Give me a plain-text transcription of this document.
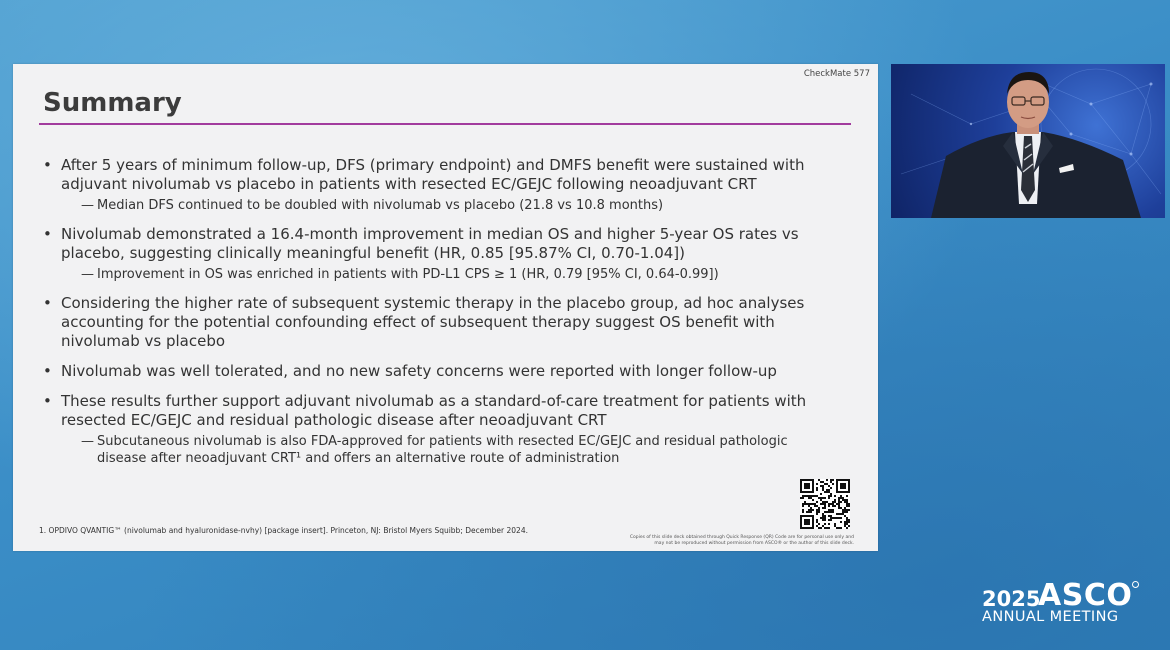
CheckMate 577
Summary
• After 5 years of minimum follow-up, DFS (primary endpoint) and DMFS benefit were sustained with adjuvant nivolumab vs placebo in patients with resected EC/GEJC following neoadjuvant CRT
— Median DFS continued to be doubled with nivolumab vs placebo (21.8 vs 10.8 months)
• Nivolumab demonstrated a 16.4-month improvement in median OS and higher 5-year OS rates vs placebo, suggesting clinically meaningful benefit (HR, 0.85 [95.87% CI, 0.70-1.04])
— Improvement in OS was enriched in patients with PD-L1 CPS ≥ 1 (HR, 0.79 [95% CI, 0.64-0.99])
• Considering the higher rate of subsequent systemic therapy in the placebo group, ad hoc analyses accounting for the potential confounding effect of subsequent therapy suggest OS benefit with nivolumab vs placebo
• Nivolumab was well tolerated, and no new safety concerns were reported with longer follow-up
• These results further support adjuvant nivolumab as a standard-of-care treatment for patients with resected EC/GEJC and residual pathologic disease after neoadjuvant CRT
— Subcutaneous nivolumab is also FDA-approved for patients with resected EC/GEJC and residual pathologic disease after neoadjuvant CRT¹ and offers an alternative route of administration
1. OPDIVO QVANTIG™ (nivolumab and hyaluronidase-nvhy) [package insert]. Princeton, NJ: Bristol Myers Squibb; December 2024.
Copies of this slide deck obtained through Quick Response (QR) Code are for personal use only and may not be reproduced without permission from ASCO® or the author of this slide deck.
2025
ASCO
ANNUAL MEETING
